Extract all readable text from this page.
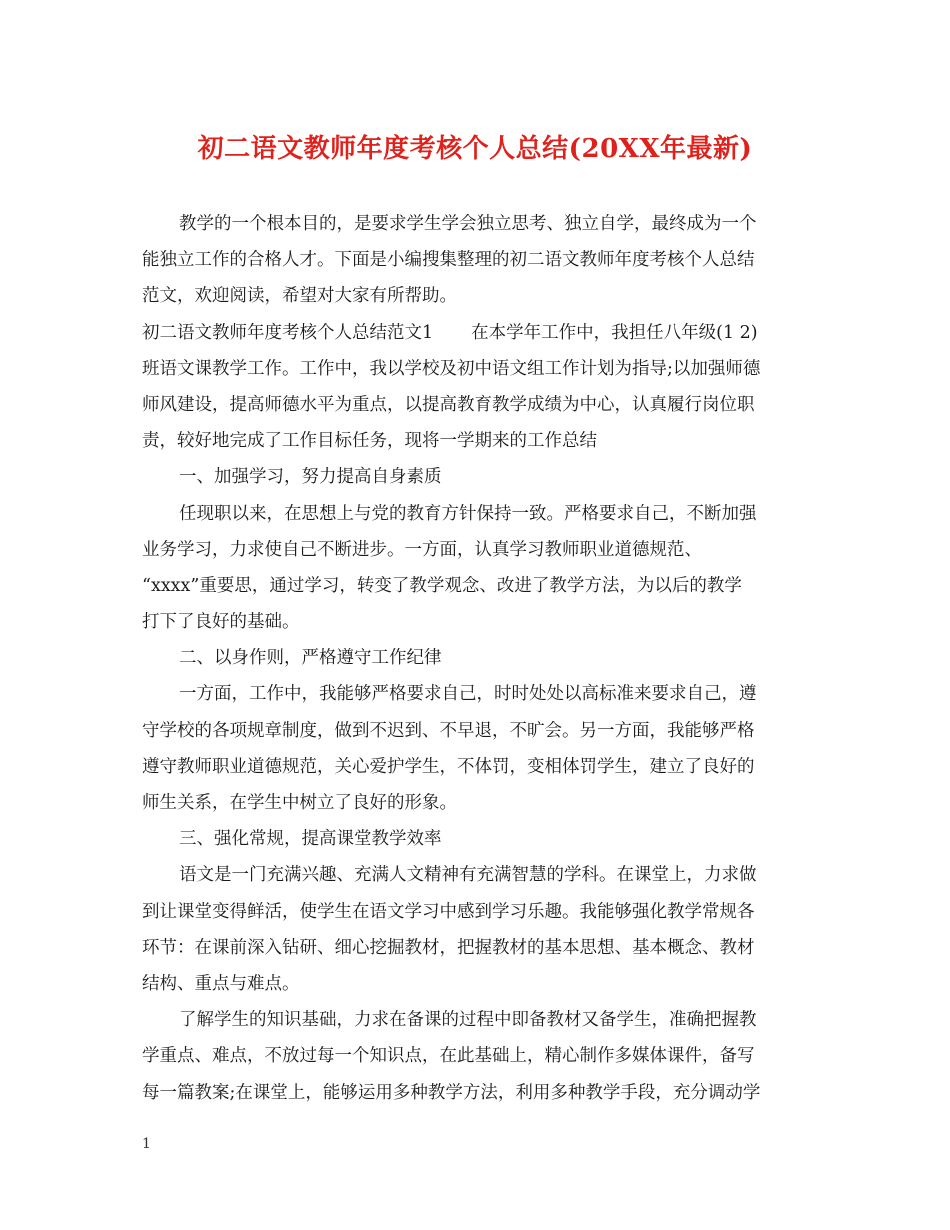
初二语文教师年度考核个人总结(20XX年最新)
教学的一个根本目的，是要求学生学会独立思考、独立自学，最终成为一个
能独立工作的合格人才。下面是小编搜集整理的初二语文教师年度考核个人总结
范文，欢迎阅读，希望对大家有所帮助。
初二语文教师年度考核个人总结范文1 在本学年工作中，我担任八年级(1 2)
班语文课教学工作。工作中，我以学校及初中语文组工作计划为指导;以加强师德
师风建设，提高师德水平为重点，以提高教育教学成绩为中心，认真履行岗位职
责，较好地完成了工作目标任务，现将一学期来的工作总结
一、加强学习，努力提高自身素质
任现职以来，在思想上与党的教育方针保持一致。严格要求自己，不断加强
业务学习，力求使自己不断进步。一方面，认真学习教师职业道德规范、
“xxxx”重要思，通过学习，转变了教学观念、改进了教学方法，为以后的教学
打下了良好的基础。
二、以身作则，严格遵守工作纪律
一方面，工作中，我能够严格要求自己，时时处处以高标准来要求自己，遵
守学校的各项规章制度，做到不迟到、不早退，不旷会。另一方面，我能够严格
遵守教师职业道德规范，关心爱护学生，不体罚，变相体罚学生，建立了良好的
师生关系，在学生中树立了良好的形象。
三、强化常规，提高课堂教学效率
语文是一门充满兴趣、充满人文精神有充满智慧的学科。在课堂上，力求做
到让课堂变得鲜活，使学生在语文学习中感到学习乐趣。我能够强化教学常规各
环节：在课前深入钻研、细心挖掘教材，把握教材的基本思想、基本概念、教材
结构、重点与难点。
了解学生的知识基础，力求在备课的过程中即备教材又备学生，准确把握教
学重点、难点，不放过每一个知识点，在此基础上，精心制作多媒体课件，备写
每一篇教案;在课堂上，能够运用多种教学方法，利用多种教学手段，充分调动学
1
